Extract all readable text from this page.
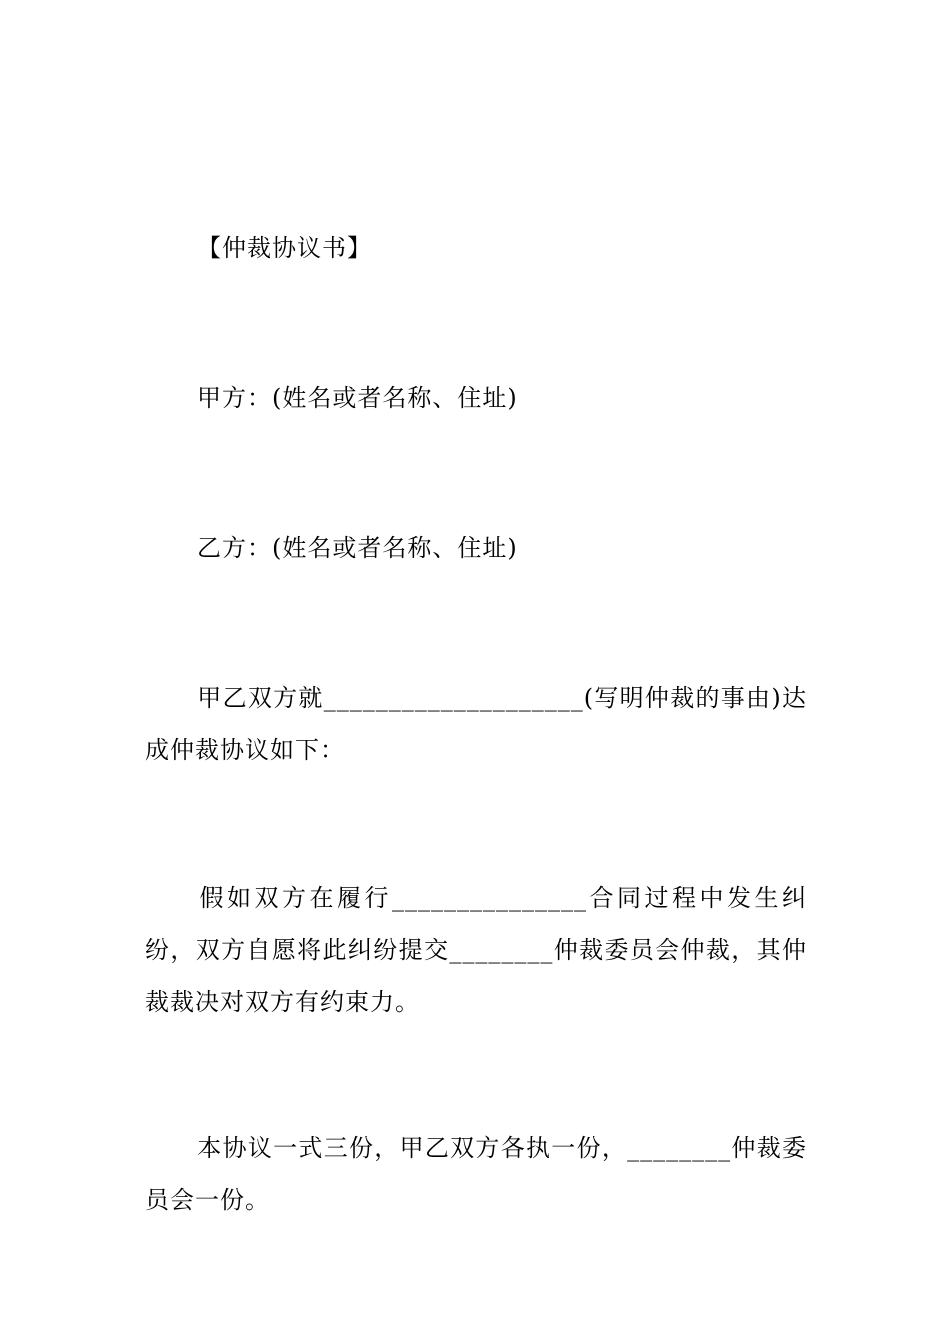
【仲裁协议书】
甲方：(姓名或者名称、住址)
乙方：(姓名或者名称、住址)
甲乙双方就____________________(写明仲裁的事由)达成仲裁协议如下：
假如双方在履行_______________合同过程中发生纠纷，双方自愿将此纠纷提交________仲裁委员会仲裁，其仲裁裁决对双方有约束力。
本协议一式三份，甲乙双方各执一份，________仲裁委员会一份。
